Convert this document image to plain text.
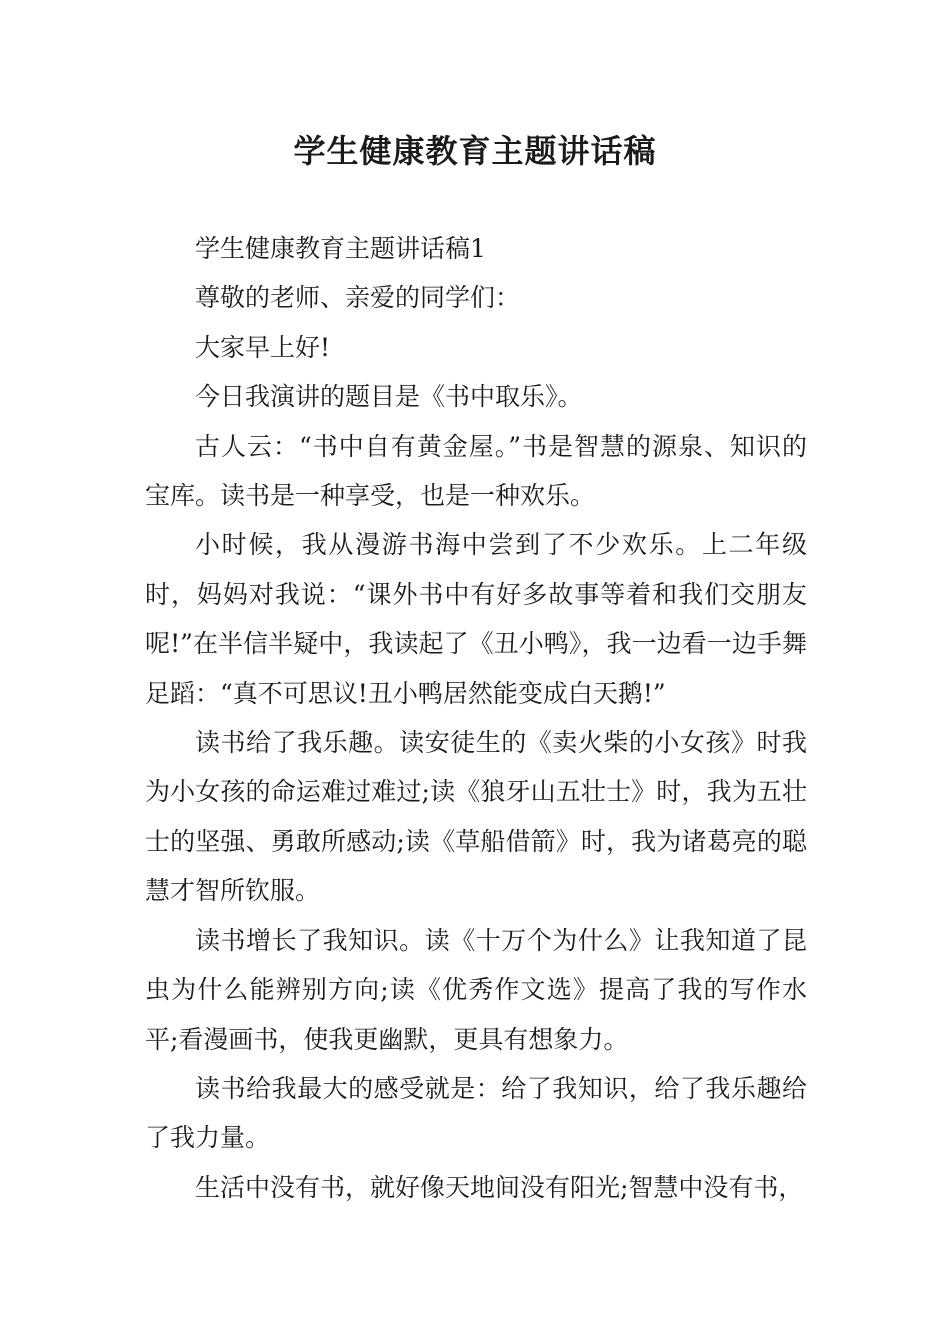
学生健康教育主题讲话稿

学生健康教育主题讲话稿1

尊敬的老师、亲爱的同学们：

大家早上好!

今日我演讲的题目是《书中取乐》。

古人云：“书中自有黄金屋。”书是智慧的源泉、知识的宝库。读书是一种享受，也是一种欢乐。

小时候，我从漫游书海中尝到了不少欢乐。上二年级时，妈妈对我说：“课外书中有好多故事等着和我们交朋友呢!”在半信半疑中，我读起了《丑小鸭》，我一边看一边手舞足蹈：“真不可思议!丑小鸭居然能变成白天鹅!”

读书给了我乐趣。读安徒生的《卖火柴的小女孩》时我为小女孩的命运难过难过;读《狼牙山五壮士》时，我为五壮士的坚强、勇敢所感动;读《草船借箭》时，我为诸葛亮的聪慧才智所钦服。

读书增长了我知识。读《十万个为什么》让我知道了昆虫为什么能辨别方向;读《优秀作文选》提高了我的写作水平;看漫画书，使我更幽默，更具有想象力。

读书给我最大的感受就是：给了我知识，给了我乐趣给了我力量。

生活中没有书，就好像天地间没有阳光;智慧中没有书，
